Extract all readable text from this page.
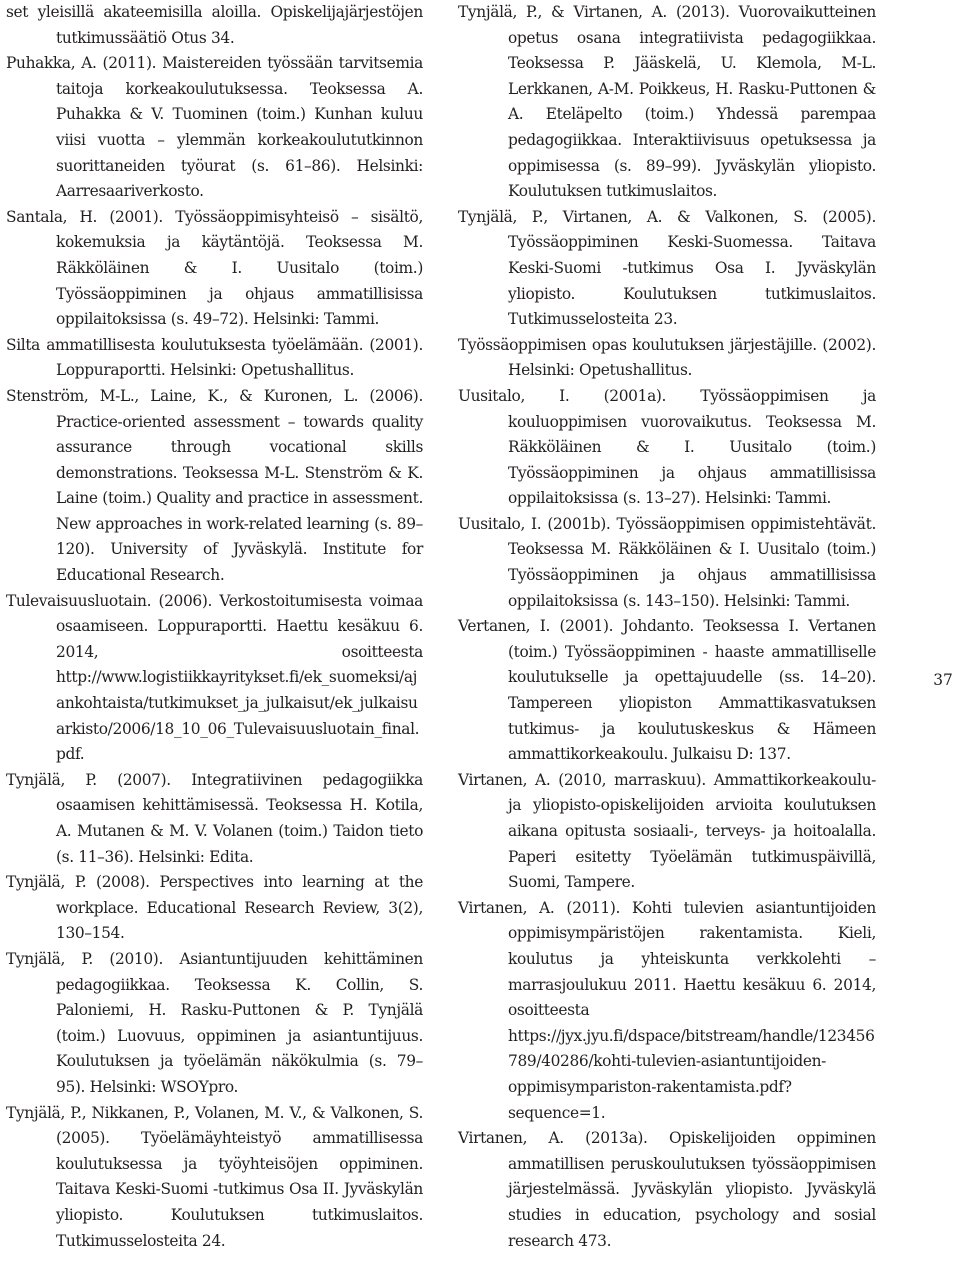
set yleisillä akateemisilla aloilla. Opiskelijajärjestöjen tutkimussäätiö Otus 34.

Puhakka, A. (2011). Maistereiden työssään tarvitsemia taitoja korkeakoulutuksessa. Teoksessa A. Puhakka & V. Tuominen (toim.) Kunhan kuluu viisi vuotta – ylemmän korkeakoulututkinnon suorittaneiden työurat (s. 61–86). Helsinki: Aarresaariverkosto.

Santala, H. (2001). Työssäoppimisyhteisö – sisältö, kokemuksia ja käytäntöjä. Teoksessa M. Räkköläinen & I. Uusitalo (toim.) Työssäoppiminen ja ohjaus ammatillisissa oppilaitoksissa (s. 49–72). Helsinki: Tammi.

Silta ammatillisesta koulutuksesta työelämään. (2001). Loppuraportti. Helsinki: Opetushallitus.

Stenström, M-L., Laine, K., & Kuronen, L. (2006). Practice-oriented assessment – towards quality assurance through vocational skills demonstrations. Teoksessa M-L. Stenström & K. Laine (toim.) Quality and practice in assessment. New approaches in work-related learning (s. 89–120). University of Jyväskylä. Institute for Educational Research.

Tulevaisuusluotain. (2006). Verkostoitumisesta voimaa osaamiseen. Loppuraportti. Haettu kesäkuu 6. 2014, osoitteesta http://www.logistiikkayritykset.fi/ek_suomeksi/ajankohtaista/tutkimukset_ja_julkaisut/ek_julkaisuarkisto/2006/18_10_06_Tulevaisuusluotain_final.pdf.

Tynjälä, P. (2007). Integratiivinen pedagogiikka osaamisen kehittämisessä. Teoksessa H. Kotila, A. Mutanen & M. V. Volanen (toim.) Taidon tieto (s. 11–36). Helsinki: Edita.

Tynjälä, P. (2008). Perspectives into learning at the workplace. Educational Research Review, 3(2), 130–154.

Tynjälä, P. (2010). Asiantuntijuuden kehittäminen pedagogiikkaa. Teoksessa K. Collin, S. Paloniemi, H. Rasku-Puttonen & P. Tynjälä (toim.) Luovuus, oppiminen ja asiantuntijuus. Koulutuksen ja työelämän näkökulmia (s. 79–95). Helsinki: WSOYpro.

Tynjälä, P., Nikkanen, P., Volanen, M. V., & Valkonen, S. (2005). Työelämäyhteistyö ammatillisessa koulutuksessa ja työyhteisöjen oppiminen. Taitava Keski-Suomi -tutkimus Osa II. Jyväskylän yliopisto. Koulutuksen tutkimuslaitos. Tutkimusselosteita 24.

Tynjälä, P., & Virtanen, A. (2013). Vuorovaikutteinen opetus osana integratiivista pedagogiikkaa. Teoksessa P. Jääskelä, U. Klemola, M-L. Lerkkanen, A-M. Poikkeus, H. Rasku-Puttonen & A. Eteläpelto (toim.) Yhdessä parempaa pedagogiikkaa. Interaktiivisuus opetuksessa ja oppimisessa (s. 89–99). Jyväskylän yliopisto. Koulutuksen tutkimuslaitos.

Tynjälä, P., Virtanen, A. & Valkonen, S. (2005). Työssäoppiminen Keski-Suomessa. Taitava Keski-Suomi -tutkimus Osa I. Jyväskylän yliopisto. Koulutuksen tutkimuslaitos. Tutkimusselosteita 23.

Työssäoppimisen opas koulutuksen järjestäjille. (2002). Helsinki: Opetushallitus.

Uusitalo, I. (2001a). Työssäoppimisen ja kouluoppimisen vuorovaikutus. Teoksessa M. Räkköläinen & I. Uusitalo (toim.) Työssäoppiminen ja ohjaus ammatillisissa oppilaitoksissa (s. 13–27). Helsinki: Tammi.

Uusitalo, I. (2001b). Työssäoppimisen oppimistehtävät. Teoksessa M. Räkköläinen & I. Uusitalo (toim.) Työssäoppiminen ja ohjaus ammatillisissa oppilaitoksissa (s. 143–150). Helsinki: Tammi.

Vertanen, I. (2001). Johdanto. Teoksessa I. Vertanen (toim.) Työssäoppiminen - haaste ammatilliselle koulutukselle ja opettajuudelle (ss. 14–20). Tampereen yliopiston Ammattikasvatuksen tutkimus- ja koulutuskeskus & Hämeen ammattikorkeakoulu. Julkaisu D: 137.

Virtanen, A. (2010, marraskuu). Ammattikorkeakoulu- ja yliopisto-opiskelijoiden arvioita koulutuksen aikana opitusta sosiaali-, terveys- ja hoitoalalla. Paperi esitetty Työelämän tutkimuspäivillä, Suomi, Tampere.

Virtanen, A. (2011). Kohti tulevien asiantuntijoiden oppimisympäristöjen rakentamista. Kieli, koulutus ja yhteiskunta verkkolehti – marrasjoulukuu 2011. Haettu kesäkuu 6. 2014, osoitteesta https://jyx.jyu.fi/dspace/bitstream/handle/123456789/40286/kohti-tulevien-asiantuntijoiden-oppimisympariston-rakentamista.pdf?sequence=1.

Virtanen, A. (2013a). Opiskelijoiden oppiminen ammatillisen peruskoulutuksen työssäoppimisen järjestelmässä. Jyväskylän yliopisto. Jyväskylä studies in education, psychology and sosial research 473.

37
